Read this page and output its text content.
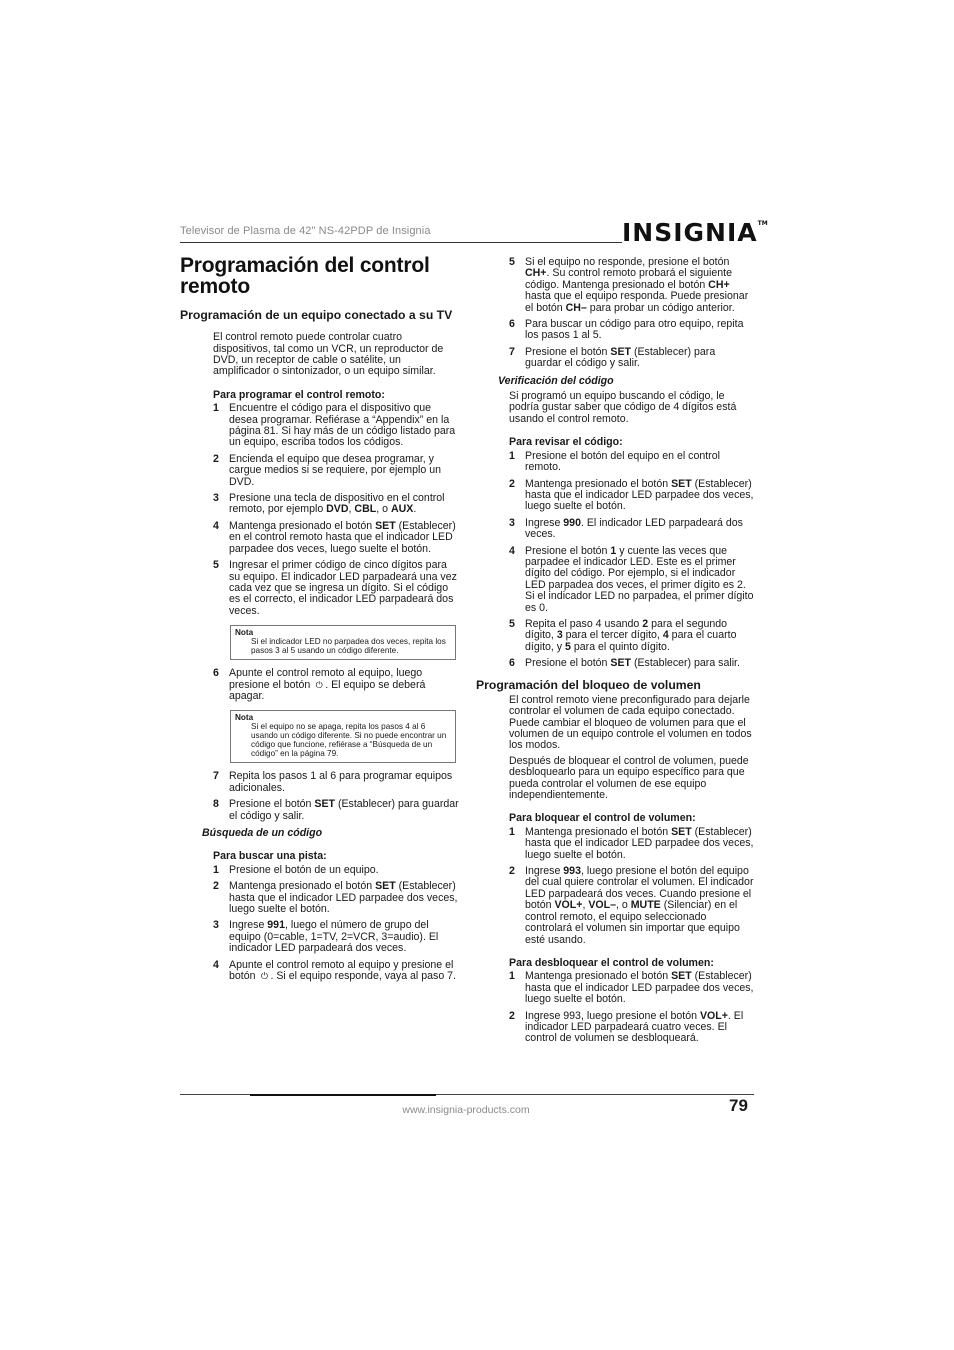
Televisor de Plasma de 42" NS-42PDP de Insignia	INSIGNIA™
Programación del control remoto
Programación de un equipo conectado a su TV

El control remoto puede controlar cuatro dispositivos, tal como un VCR, un reproductor de DVD, un receptor de cable o satélite, un amplificador o sintonizador, o un equipo similar.

Para programar el control remoto:

1 Encuentre el código para el dispositivo que desea programar. Refiérase a “Appendix” en la página 81. Si hay más de un código listado para un equipo, escriba todos los códigos.
2 Encienda el equipo que desea programar, y cargue medios si se requiere, por ejemplo un DVD.
3 Presione una tecla de dispositivo en el control remoto, por ejemplo DVD, CBL, o AUX.
4 Mantenga presionado el botón SET (Establecer) en el control remoto hasta que el indicador LED parpadee dos veces, luego suelte el botón.
5 Ingresar el primer código de cinco dígitos para su equipo. El indicador LED parpadeará una vez cada vez que se ingresa un dígito. Si el código es el correcto, el indicador LED parpadeará dos veces.
Nota
Si el indicador LED no parpadea dos veces, repita los pasos 3 al 5 usando un código diferente.
6 Apunte el control remoto al equipo, luego presione el botón ⏻ . El equipo se deberá apagar.
Nota
Si el equipo no se apaga, repita los pasos 4 al 6 usando un código diferente. Si no puede encontrar un código que funcione, refiérase a “Búsqueda de un código” en la página 79.
7 Repita los pasos 1 al 6 para programar equipos adicionales.
8 Presione el botón SET (Establecer) para guardar el código y salir.

Búsqueda de un código

Para buscar una pista:

1 Presione el botón de un equipo.
2 Mantenga presionado el botón SET (Establecer) hasta que el indicador LED parpadee dos veces, luego suelte el botón.
3 Ingrese 991, luego el número de grupo del equipo (0=cable, 1=TV, 2=VCR, 3=audio). El indicador LED parpadeará dos veces.
4 Apunte el control remoto al equipo y presione el botón ⏻ . Si el equipo responde, vaya al paso 7.
5 Si el equipo no responde, presione el botón CH+. Su control remoto probará el siguiente código. Mantenga presionado el botón CH+ hasta que el equipo responda. Puede presionar el botón CH– para probar un código anterior.
6 Para buscar un código para otro equipo, repita los pasos 1 al 5.
7 Presione el botón SET (Establecer) para guardar el código y salir.

Verificación del código

Si programó un equipo buscando el código, le podría gustar saber que código de 4 dígitos está usando el control remoto.

Para revisar el código:

1 Presione el botón del equipo en el control remoto.
2 Mantenga presionado el botón SET (Establecer) hasta que el indicador LED parpadee dos veces, luego suelte el botón.
3 Ingrese 990. El indicador LED parpadeará dos veces.
4 Presione el botón 1 y cuente las veces que parpadee el indicador LED. Este es el primer dígito del código. Por ejemplo, si el indicador LED parpadea dos veces, el primer dígito es 2. Si el indicador LED no parpadea, el primer dígito es 0.
5 Repita el paso 4 usando 2 para el segundo dígito, 3 para el tercer dígito, 4 para el cuarto dígito, y 5 para el quinto dígito.
6 Presione el botón SET (Establecer) para salir.
Programación del bloqueo de volumen

El control remoto viene preconfigurado para dejarle controlar el volumen de cada equipo conectado. Puede cambiar el bloqueo de volumen para que el volumen de un equipo controle el volumen en todos los modos.

Después de bloquear el control de volumen, puede desbloquearlo para un equipo específico para que pueda controlar el volumen de ese equipo independientemente.

Para bloquear el control de volumen:

1 Mantenga presionado el botón SET (Establecer) hasta que el indicador LED parpadee dos veces, luego suelte el botón.
2 Ingrese 993, luego presione el botón del equipo del cual quiere controlar el volumen. El indicador LED parpadeará dos veces. Cuando presione el botón VOL+, VOL–, o MUTE (Silenciar) en el control remoto, el equipo seleccionado controlará el volumen sin importar que equipo esté usando.

Para desbloquear el control de volumen:

1 Mantenga presionado el botón SET (Establecer) hasta que el indicador LED parpadee dos veces, luego suelte el botón.
2 Ingrese 993, luego presione el botón VOL+. El indicador LED parpadeará cuatro veces. El control de volumen se desbloqueará.
www.insignia-products.com	79
